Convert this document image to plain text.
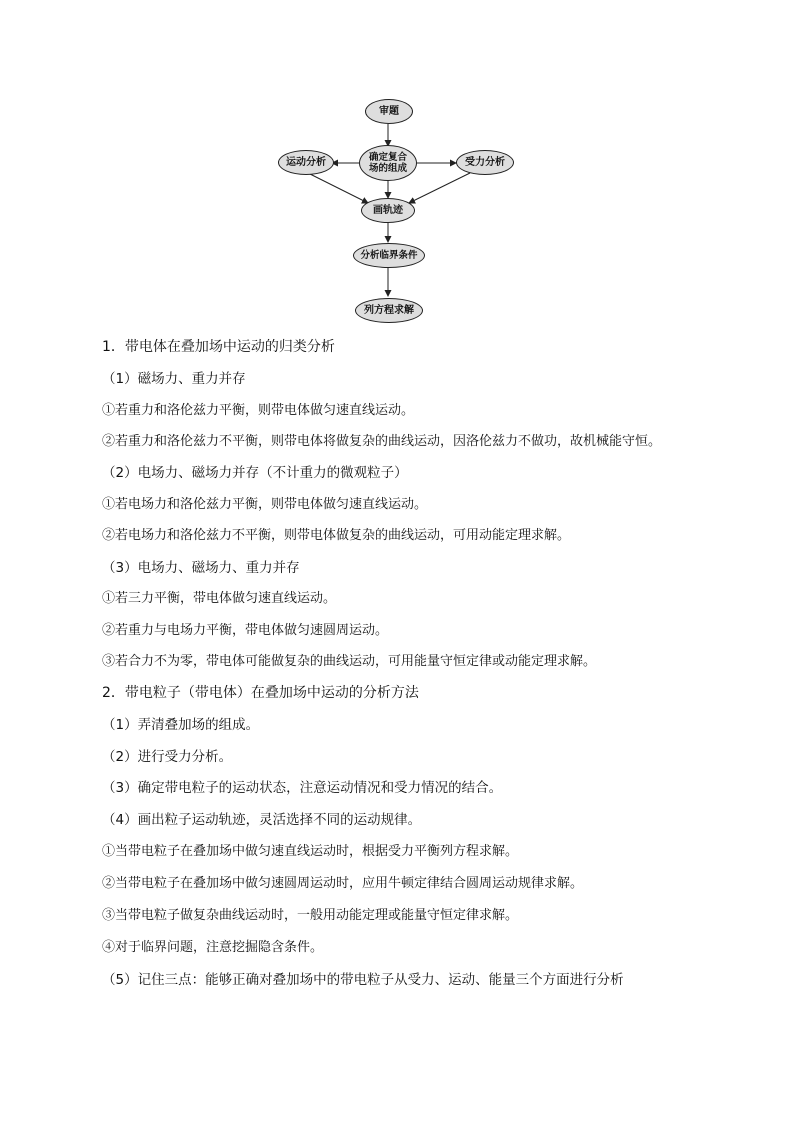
审题
确定复合场的组成
运动分析	受力分析
画轨迹
分析临界条件
列方程求解
1．带电体在叠加场中运动的归类分析
（1）磁场力、重力并存
①若重力和洛伦兹力平衡，则带电体做匀速直线运动。
②若重力和洛伦兹力不平衡，则带电体将做复杂的曲线运动，因洛伦兹力不做功，故机械能守恒。
（2）电场力、磁场力并存（不计重力的微观粒子）
①若电场力和洛伦兹力平衡，则带电体做匀速直线运动。
②若电场力和洛伦兹力不平衡，则带电体做复杂的曲线运动，可用动能定理求解。
（3）电场力、磁场力、重力并存
①若三力平衡，带电体做匀速直线运动。
②若重力与电场力平衡，带电体做匀速圆周运动。
③若合力不为零，带电体可能做复杂的曲线运动，可用能量守恒定律或动能定理求解。
2．带电粒子（带电体）在叠加场中运动的分析方法
（1）弄清叠加场的组成。
（2）进行受力分析。
（3）确定带电粒子的运动状态，注意运动情况和受力情况的结合。
（4）画出粒子运动轨迹，灵活选择不同的运动规律。
①当带电粒子在叠加场中做匀速直线运动时，根据受力平衡列方程求解。
②当带电粒子在叠加场中做匀速圆周运动时，应用牛顿定律结合圆周运动规律求解。
③当带电粒子做复杂曲线运动时，一般用动能定理或能量守恒定律求解。
④对于临界问题，注意挖掘隐含条件。
（5）记住三点：能够正确对叠加场中的带电粒子从受力、运动、能量三个方面进行分析
